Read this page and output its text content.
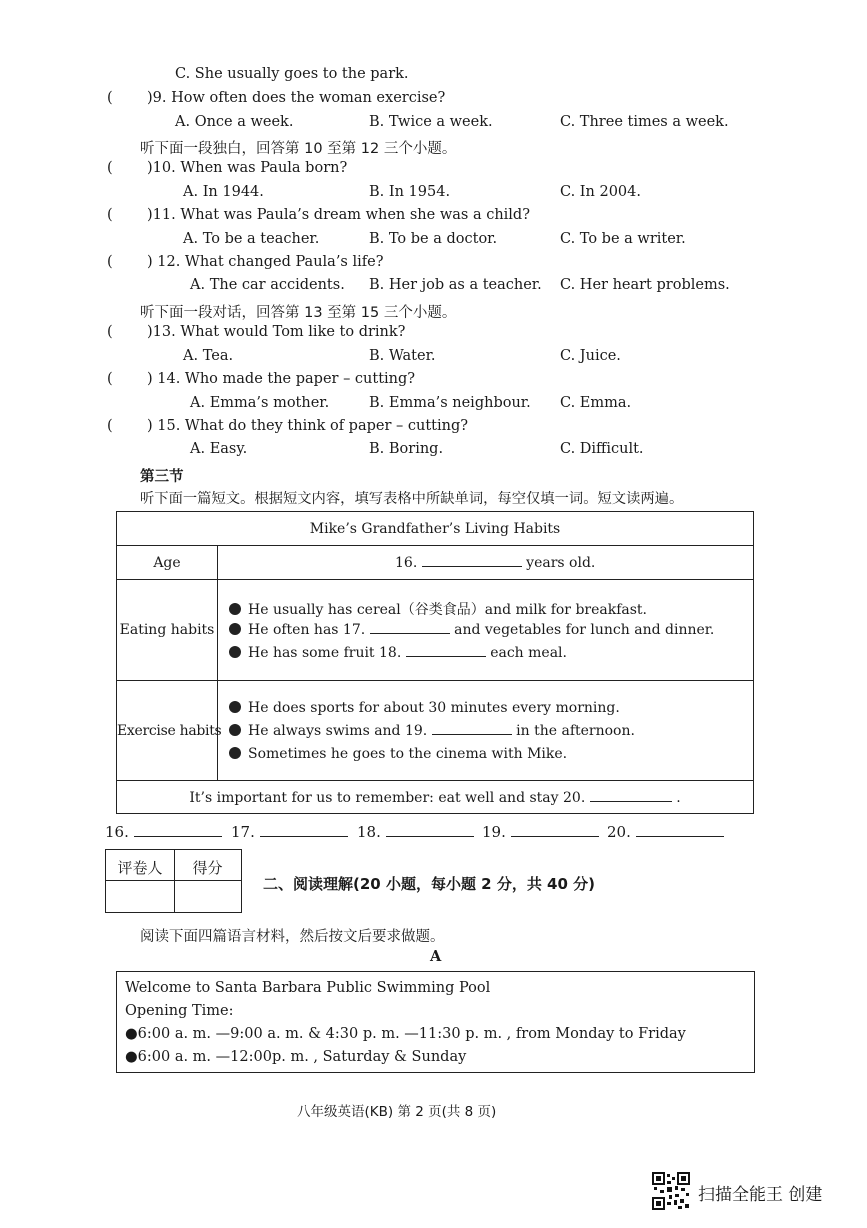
C. She usually goes to the park.
( )9. How often does the woman exercise?
A. Once a week.	B. Twice a week.	C. Three times a week.
听下面一段独白，回答第 10 至第 12 三个小题。
( )10. When was Paula born?
A. In 1944.	B. In 1954.	C. In 2004.
( )11. What was Paula’s dream when she was a child?
A. To be a teacher.	B. To be a doctor.	C. To be a writer.
( ) 12. What changed Paula’s life?
A. The car accidents. B. Her job as a teacher. C. Her heart problems.
听下面一段对话，回答第 13 至第 15 三个小题。
( )13. What would Tom like to drink?
A. Tea.	B. Water.	C. Juice.
( ) 14. Who made the paper – cutting?
A. Emma’s mother.	B. Emma’s neighbour. C. Emma.
( ) 15. What do they think of paper – cutting?
A. Easy.	B. Boring.	C. Difficult.
第三节
听下面一篇短文。根据短文内容，填写表格中所缺单词，每空仅填一词。短文读两遍。
Mike’s Grandfather’s Living Habits
Age	16.	years old.
Eating habits
He usually has cereal（谷类食品）and milk for breakfast.
He often has 17.	and vegetables for lunch and dinner.
He has some fruit 18.	each meal.
Exercise habits
He does sports for about 30 minutes every morning.
He always swims and 19.	in the afternoon.
Sometimes he goes to the cinema with Mike.
It’s important for us to remember: eat well and stay 20.	.
16.	17.	18.	19.	20.
评卷人	得分
二、阅读理解(20 小题，每小题 2 分，共 40 分)
阅读下面四篇语言材料，然后按文后要求做题。
A
Welcome to Santa Barbara Public Swimming Pool
Opening Time:
●6:00 a. m. —9:00 a. m. & 4:30 p. m. —11:30 p. m. , from Monday to Friday
●6:00 a. m. —12:00p. m. , Saturday & Sunday
八年级英语(KB) 第 2 页(共 8 页)
扫描全能王 创建
